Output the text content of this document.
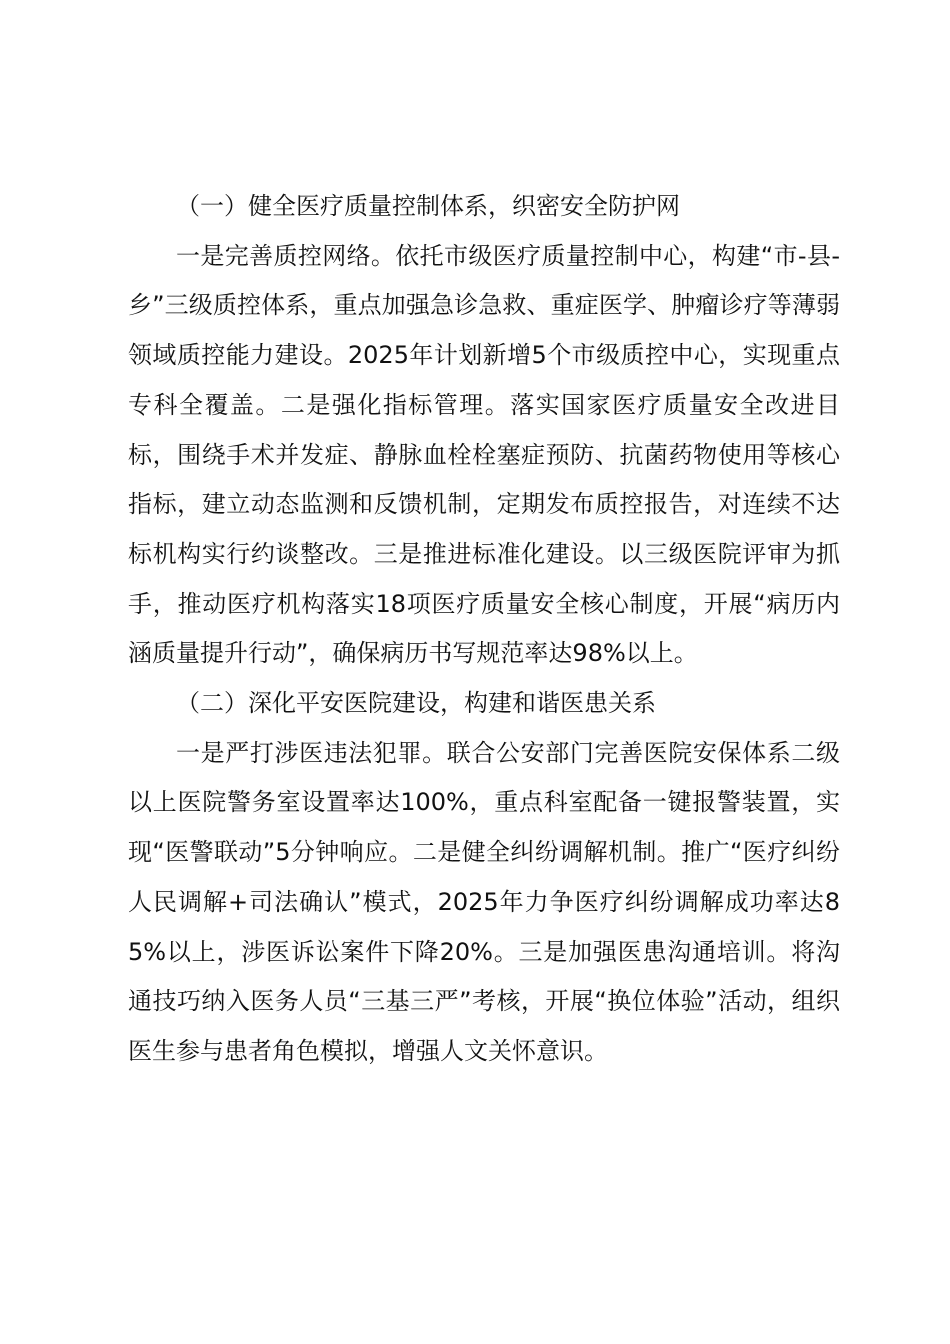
（一）健全医疗质量控制体系，织密安全防护网

一是完善质控网络。依托市级医疗质量控制中心，构建“市-县-乡”三级质控体系，重点加强急诊急救、重症医学、肿瘤诊疗等薄弱领域质控能力建设。2025年计划新增5个市级质控中心，实现重点专科全覆盖。二是强化指标管理。落实国家医疗质量安全改进目标，围绕手术并发症、静脉血栓栓塞症预防、抗菌药物使用等核心指标，建立动态监测和反馈机制，定期发布质控报告，对连续不达标机构实行约谈整改。三是推进标准化建设。以三级医院评审为抓手，推动医疗机构落实18项医疗质量安全核心制度，开展“病历内涵质量提升行动”，确保病历书写规范率达98%以上。

（二）深化平安医院建设，构建和谐医患关系

一是严打涉医违法犯罪。联合公安部门完善医院安保体系二级以上医院警务室设置率达100%，重点科室配备一键报警装置，实现“医警联动”5分钟响应。二是健全纠纷调解机制。推广“医疗纠纷人民调解+司法确认”模式，2025年力争医疗纠纷调解成功率达85%以上，涉医诉讼案件下降20%。三是加强医患沟通培训。将沟通技巧纳入医务人员“三基三严”考核，开展“换位体验”活动，组织医生参与患者角色模拟，增强人文关怀意识。
